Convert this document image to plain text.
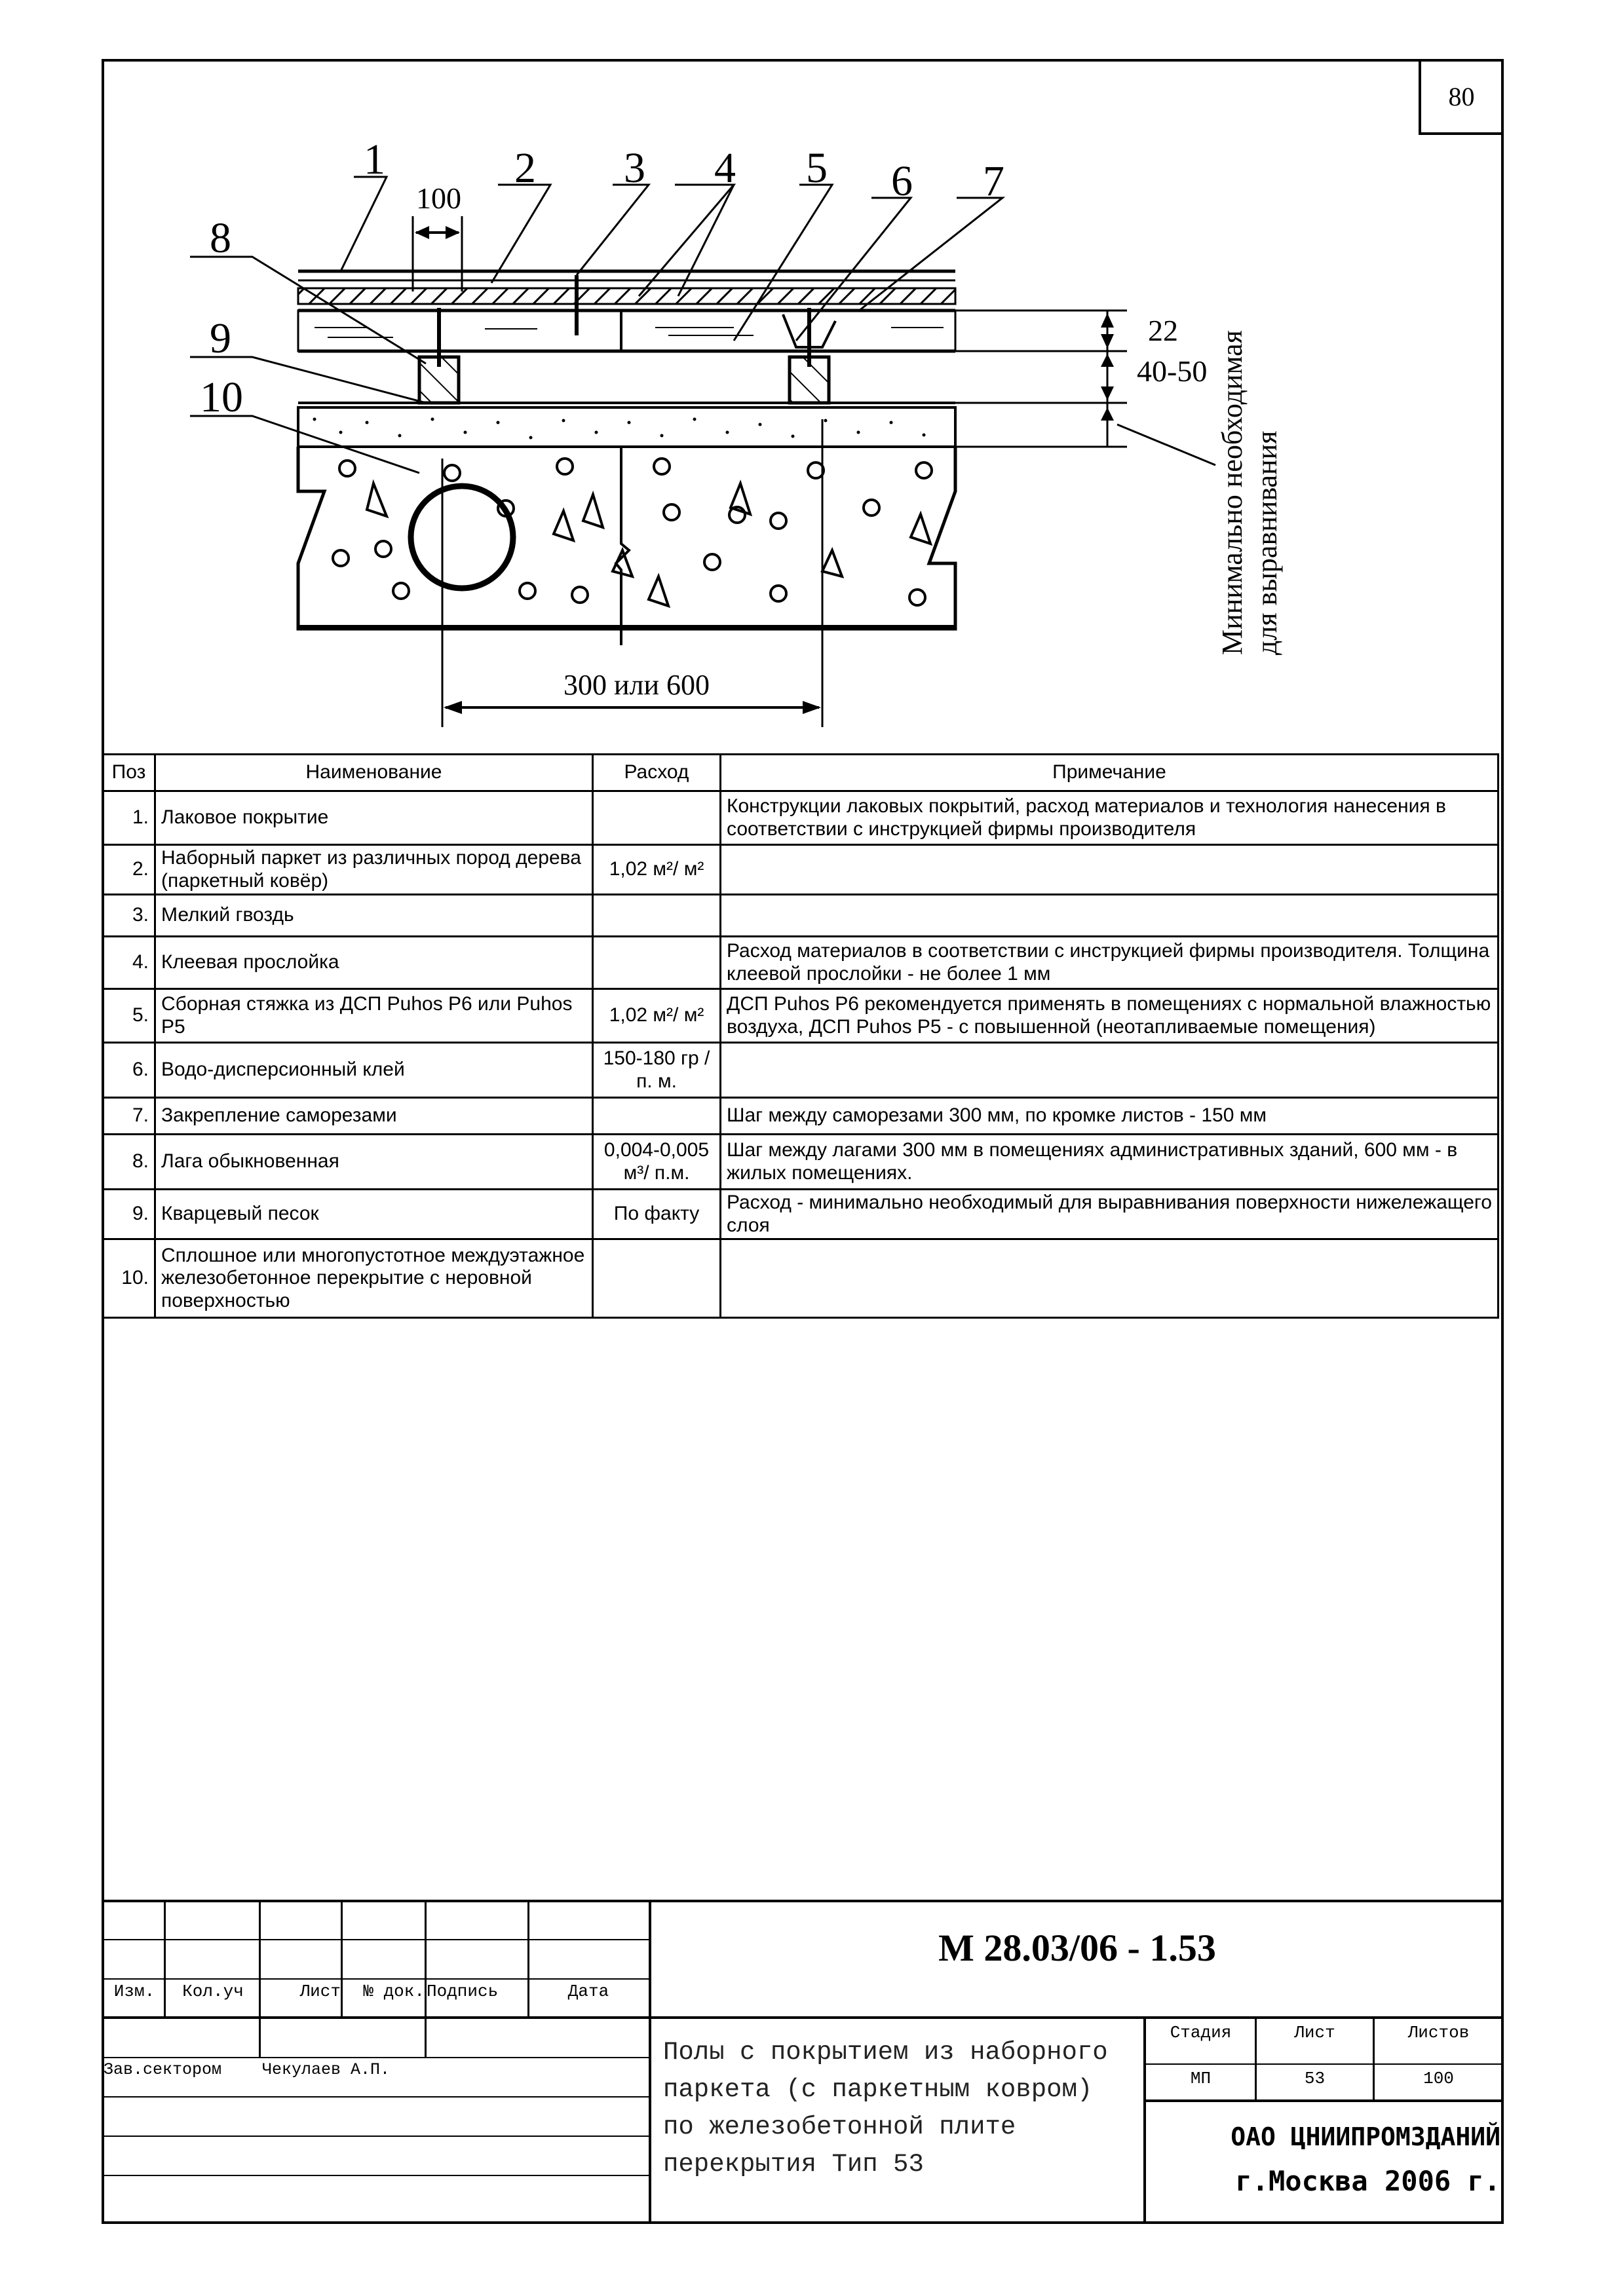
80
1	2 3 4 5 6 7
8
9
10
100
22
40-50
300 или 600
Минимально необходимая для выравнивания
Поз	Наименование	Расход	Примечание
1.	Лаковое покрытие		Конструкции лаковых покрытий, расход материалов и технология нанесения в соответствии с инструкцией фирмы производителя
2.	Наборный паркет из различных пород дерева (паркетный ковёр)	1,02 м²/ м²	
3.	Мелкий гвоздь		
4.	Клеевая прослойка		Расход материалов в соответствии с инструкцией фирмы производителя. Толщина клеевой прослойки - не более 1 мм
5.	Сборная стяжка из ДСП Puhos P6 или Puhos P5	1,02 м²/ м²	ДСП Puhos P6 рекомендуется применять в помещениях с нормальной влажностью воздуха, ДСП Puhos P5 - с повышенной (неотапливаемые помещения)
6.	Водо-дисперсионный клей	150-180 гр /п. м.	
7.	Закрепление саморезами		Шаг между саморезами 300 мм, по кромке листов - 150 мм
8.	Лага обыкновенная	0,004-0,005 м³/ п.м.	Шаг между лагами 300 мм в помещениях административных зданий, 600 мм - в жилых помещениях.
9.	Кварцевый песок	По факту	Расход - минимально необходимый для выравнивания поверхности нижележащего слоя
10.	Сплошное или многопустотное междуэтажное железобетонное перекрытие с неровной поверхностью		
М 28.03/06 - 1.53
Изм.	Кол.уч	Лист	№ док. Подпись	Дата
Зав.сектором	Чекулаев А.П.
Полы с покрытием из наборного паркета (с паркетным ковром) по железобетонной плите перекрытия Тип 53
Стадия	Лист	Листов
МП	53	100
ОАО ЦНИИПРОМЗДАНИЙ
г.Москва 2006 г.
